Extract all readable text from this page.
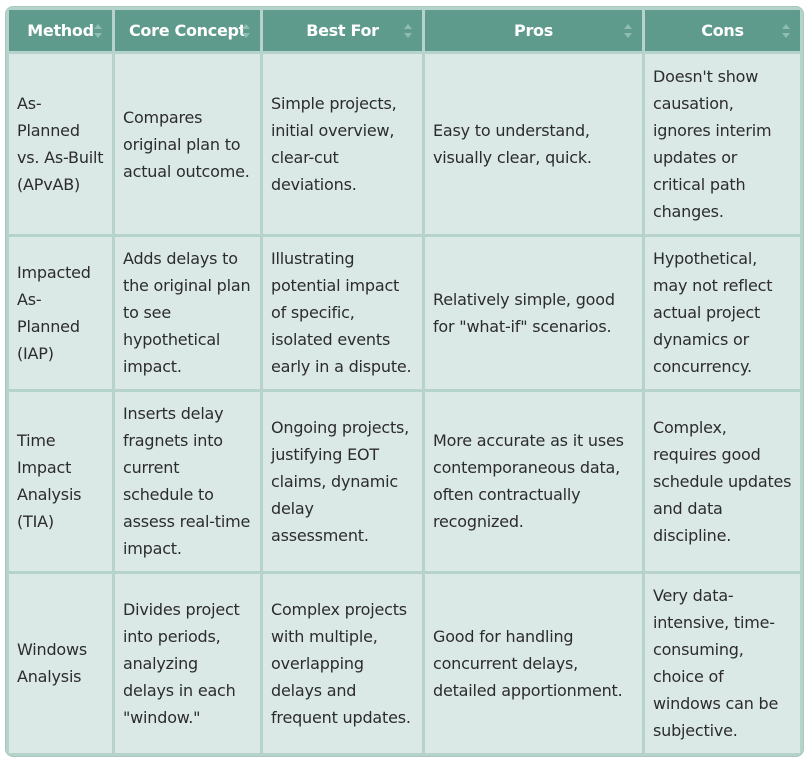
Method	Core Concept	Best For	Pros	Cons

As-Planned vs. As-Built (APvAB)	Compares original plan to actual outcome.	Simple projects, initial overview, clear-cut deviations.	Easy to understand, visually clear, quick.	Doesn't show causation, ignores interim updates or critical path changes.
Impacted As-Planned (IAP)	Adds delays to the original plan to see hypothetical impact.	Illustrating potential impact of specific, isolated events early in a dispute.	Relatively simple, good for "what-if" scenarios.	Hypothetical, may not reflect actual project dynamics or concurrency.
Time Impact Analysis (TIA)	Inserts delay fragnets into current schedule to assess real-time impact.	Ongoing projects, justifying EOT claims, dynamic delay assessment.	More accurate as it uses contemporaneous data, often contractually recognized.	Complex, requires good schedule updates and data discipline.
Windows Analysis	Divides project into periods, analyzing delays in each "window."	Complex projects with multiple, overlapping delays and frequent updates.	Good for handling concurrent delays, detailed apportionment.	Very data-intensive, time-consuming, choice of windows can be subjective.
